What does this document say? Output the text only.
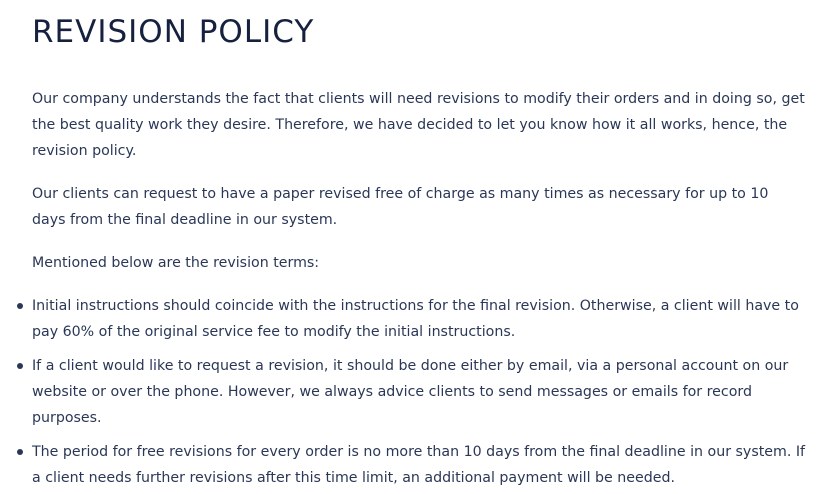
REVISION POLICY

Our company understands the fact that clients will need revisions to modify their orders and in doing so, get the best quality work they desire. Therefore, we have decided to let you know how it all works, hence, the revision policy.

Our clients can request to have a paper revised free of charge as many times as necessary for up to 10 days from the final deadline in our system.

Mentioned below are the revision terms:

Initial instructions should coincide with the instructions for the final revision. Otherwise, a client will have to pay 60% of the original service fee to modify the initial instructions.
If a client would like to request a revision, it should be done either by email, via a personal account on our website or over the phone. However, we always advice clients to send messages or emails for record purposes.
The period for free revisions for every order is no more than 10 days from the final deadline in our system. If a client needs further revisions after this time limit, an additional payment will be needed.
